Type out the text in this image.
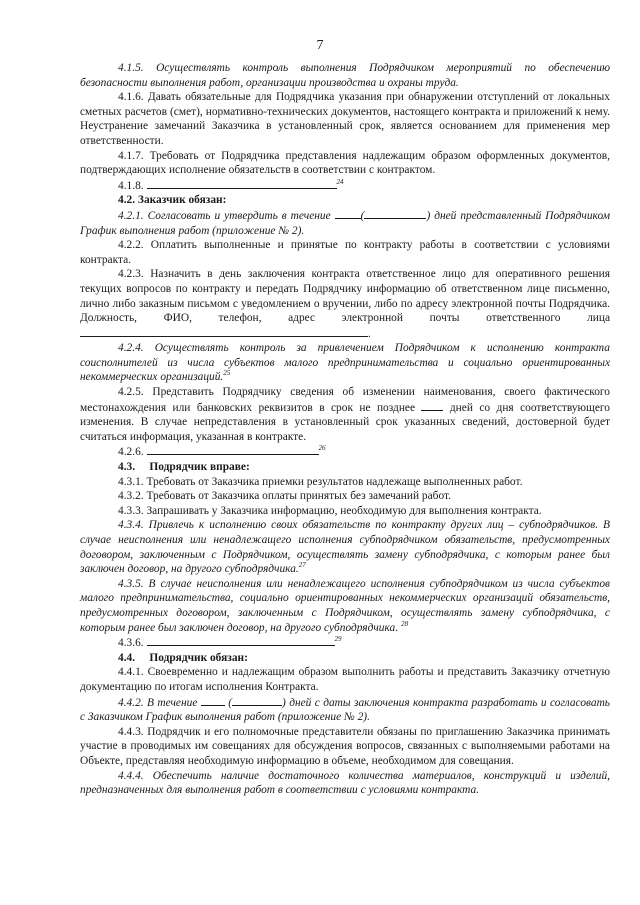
7

4.1.5. Осуществлять контроль выполнения Подрядчиком мероприятий по обеспечению безопасности выполнения работ, организации производства и охраны труда.

4.1.6. Давать обязательные для Подрядчика указания при обнаружении отступлений от локальных сметных расчетов (смет), нормативно-технических документов, настоящего контракта и приложений к нему. Неустранение замечаний Заказчика в установленный срок, является основанием для применения мер ответственности.

4.1.7. Требовать от Подрядчика представления надлежащим образом оформленных документов, подтверждающих исполнение обязательств в соответствии с контрактом.

4.1.8.	$^{24}$

4.2. Заказчик обязан:

4.2.1. Согласовать и утвердить в течение	(	) дней представленный Подрядчиком График выполнения работ (приложение № 2).

4.2.2. Оплатить выполненные и принятые по контракту работы в соответствии с условиями контракта.

4.2.3. Назначить в день заключения контракта ответственное лицо для оперативного решения текущих вопросов по контракту и передать Подрядчику информацию об ответственном лице письменно, лично либо заказным письмом с уведомлением о вручении, либо по адресу электронной почты Подрядчика. Должность, ФИО, телефон, адрес электронной почты ответственного лица.

4.2.4. Осуществлять контроль за привлечением Подрядчиком к исполнению контракта соисполнителей из числа субъектов малого предпринимательства и социально ориентированных некоммерческих организаций.$^{25}$

4.2.5. Представить Подрядчику сведения об изменении наименования, своего фактического местонахождения или банковских реквизитов в срок не позднее	дней со дня соответствующего изменения. В случае непредставления в установленный срок указанных сведений, достоверной будет считаться информация, указанная в контракте.

4.2.6.	$^{26}$

4.3. Подрядчик вправе:

4.3.1. Требовать от Заказчика приемки результатов надлежаще выполненных работ.

4.3.2. Требовать от Заказчика оплаты принятых без замечаний работ.

4.3.3. Запрашивать у Заказчика информацию, необходимую для выполнения контракта.

4.3.4. Привлечь к исполнению своих обязательств по контракту других лиц – субподрядчиков. В случае неисполнения или ненадлежащего исполнения субподрядчиком обязательств, предусмотренных договором, заключенным с Подрядчиком, осуществлять замену субподрядчика, с которым ранее был заключен договор, на другого субподрядчика.$^{27}$

4.3.5. В случае неисполнения или ненадлежащего исполнения субподрядчиком из числа субъектов малого предпринимательства, социально ориентированных некоммерческих организаций обязательств, предусмотренных договором, заключенным с Подрядчиком, осуществлять замену субподрядчика, с которым ранее был заключен договор, на другого субподрядчика. $^{28}$

4.3.6.	$^{29}$

4.4. Подрядчик обязан:

4.4.1. Своевременно и надлежащим образом выполнить работы и представить Заказчику отчетную документацию по итогам исполнения Контракта.

4.4.2. В течение	(	) дней с даты заключения контракта разработать и согласовать с Заказчиком График выполнения работ (приложение № 2).

4.4.3. Подрядчик и его полномочные представители обязаны по приглашению Заказчика принимать участие в проводимых им совещаниях для обсуждения вопросов, связанных с выполняемыми работами на Объекте, представляя необходимую информацию в объеме, необходимом для совещания.

4.4.4. Обеспечить наличие достаточного количества материалов, конструкций и изделий, предназначенных для выполнения работ в соответствии с условиями контракта.
